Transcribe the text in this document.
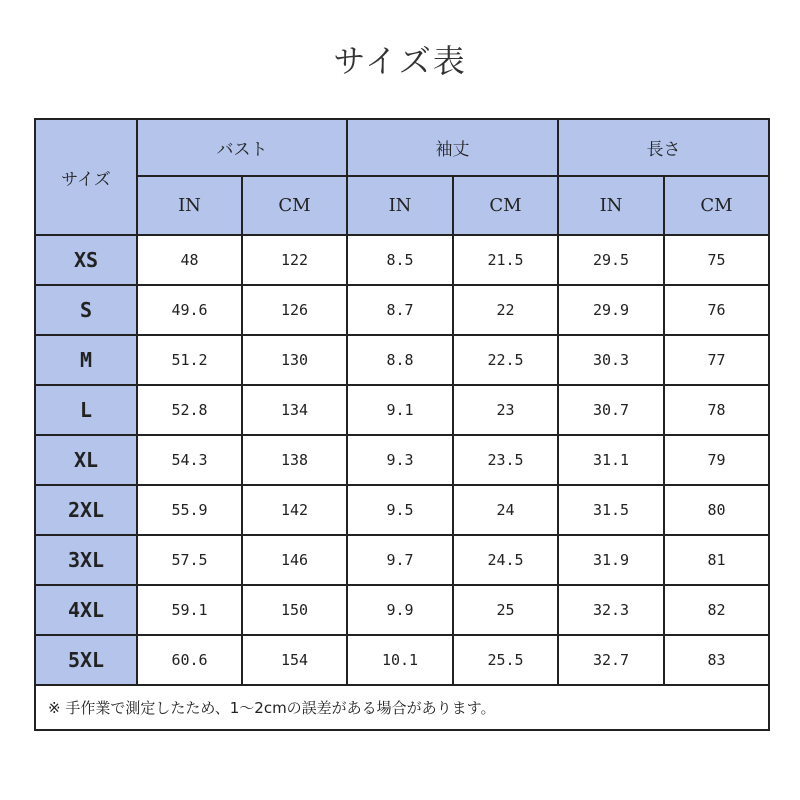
サイズ表
サイズ	バスト		袖丈		長さ	
	IN	CM	IN	CM	IN	CM
XS	48	122	8.5	21.5	29.5	75
S	49.6	126	8.7	22	29.9	76
M	51.2	130	8.8	22.5	30.3	77
L	52.8	134	9.1	23	30.7	78
XL	54.3	138	9.3	23.5	31.1	79
2XL	55.9	142	9.5	24	31.5	80
3XL	57.5	146	9.7	24.5	31.9	81
4XL	59.1	150	9.9	25	32.3	82
5XL	60.6	154	10.1	25.5	32.7	83
※ 手作業で測定したため、1～2cmの誤差がある場合があります。						
